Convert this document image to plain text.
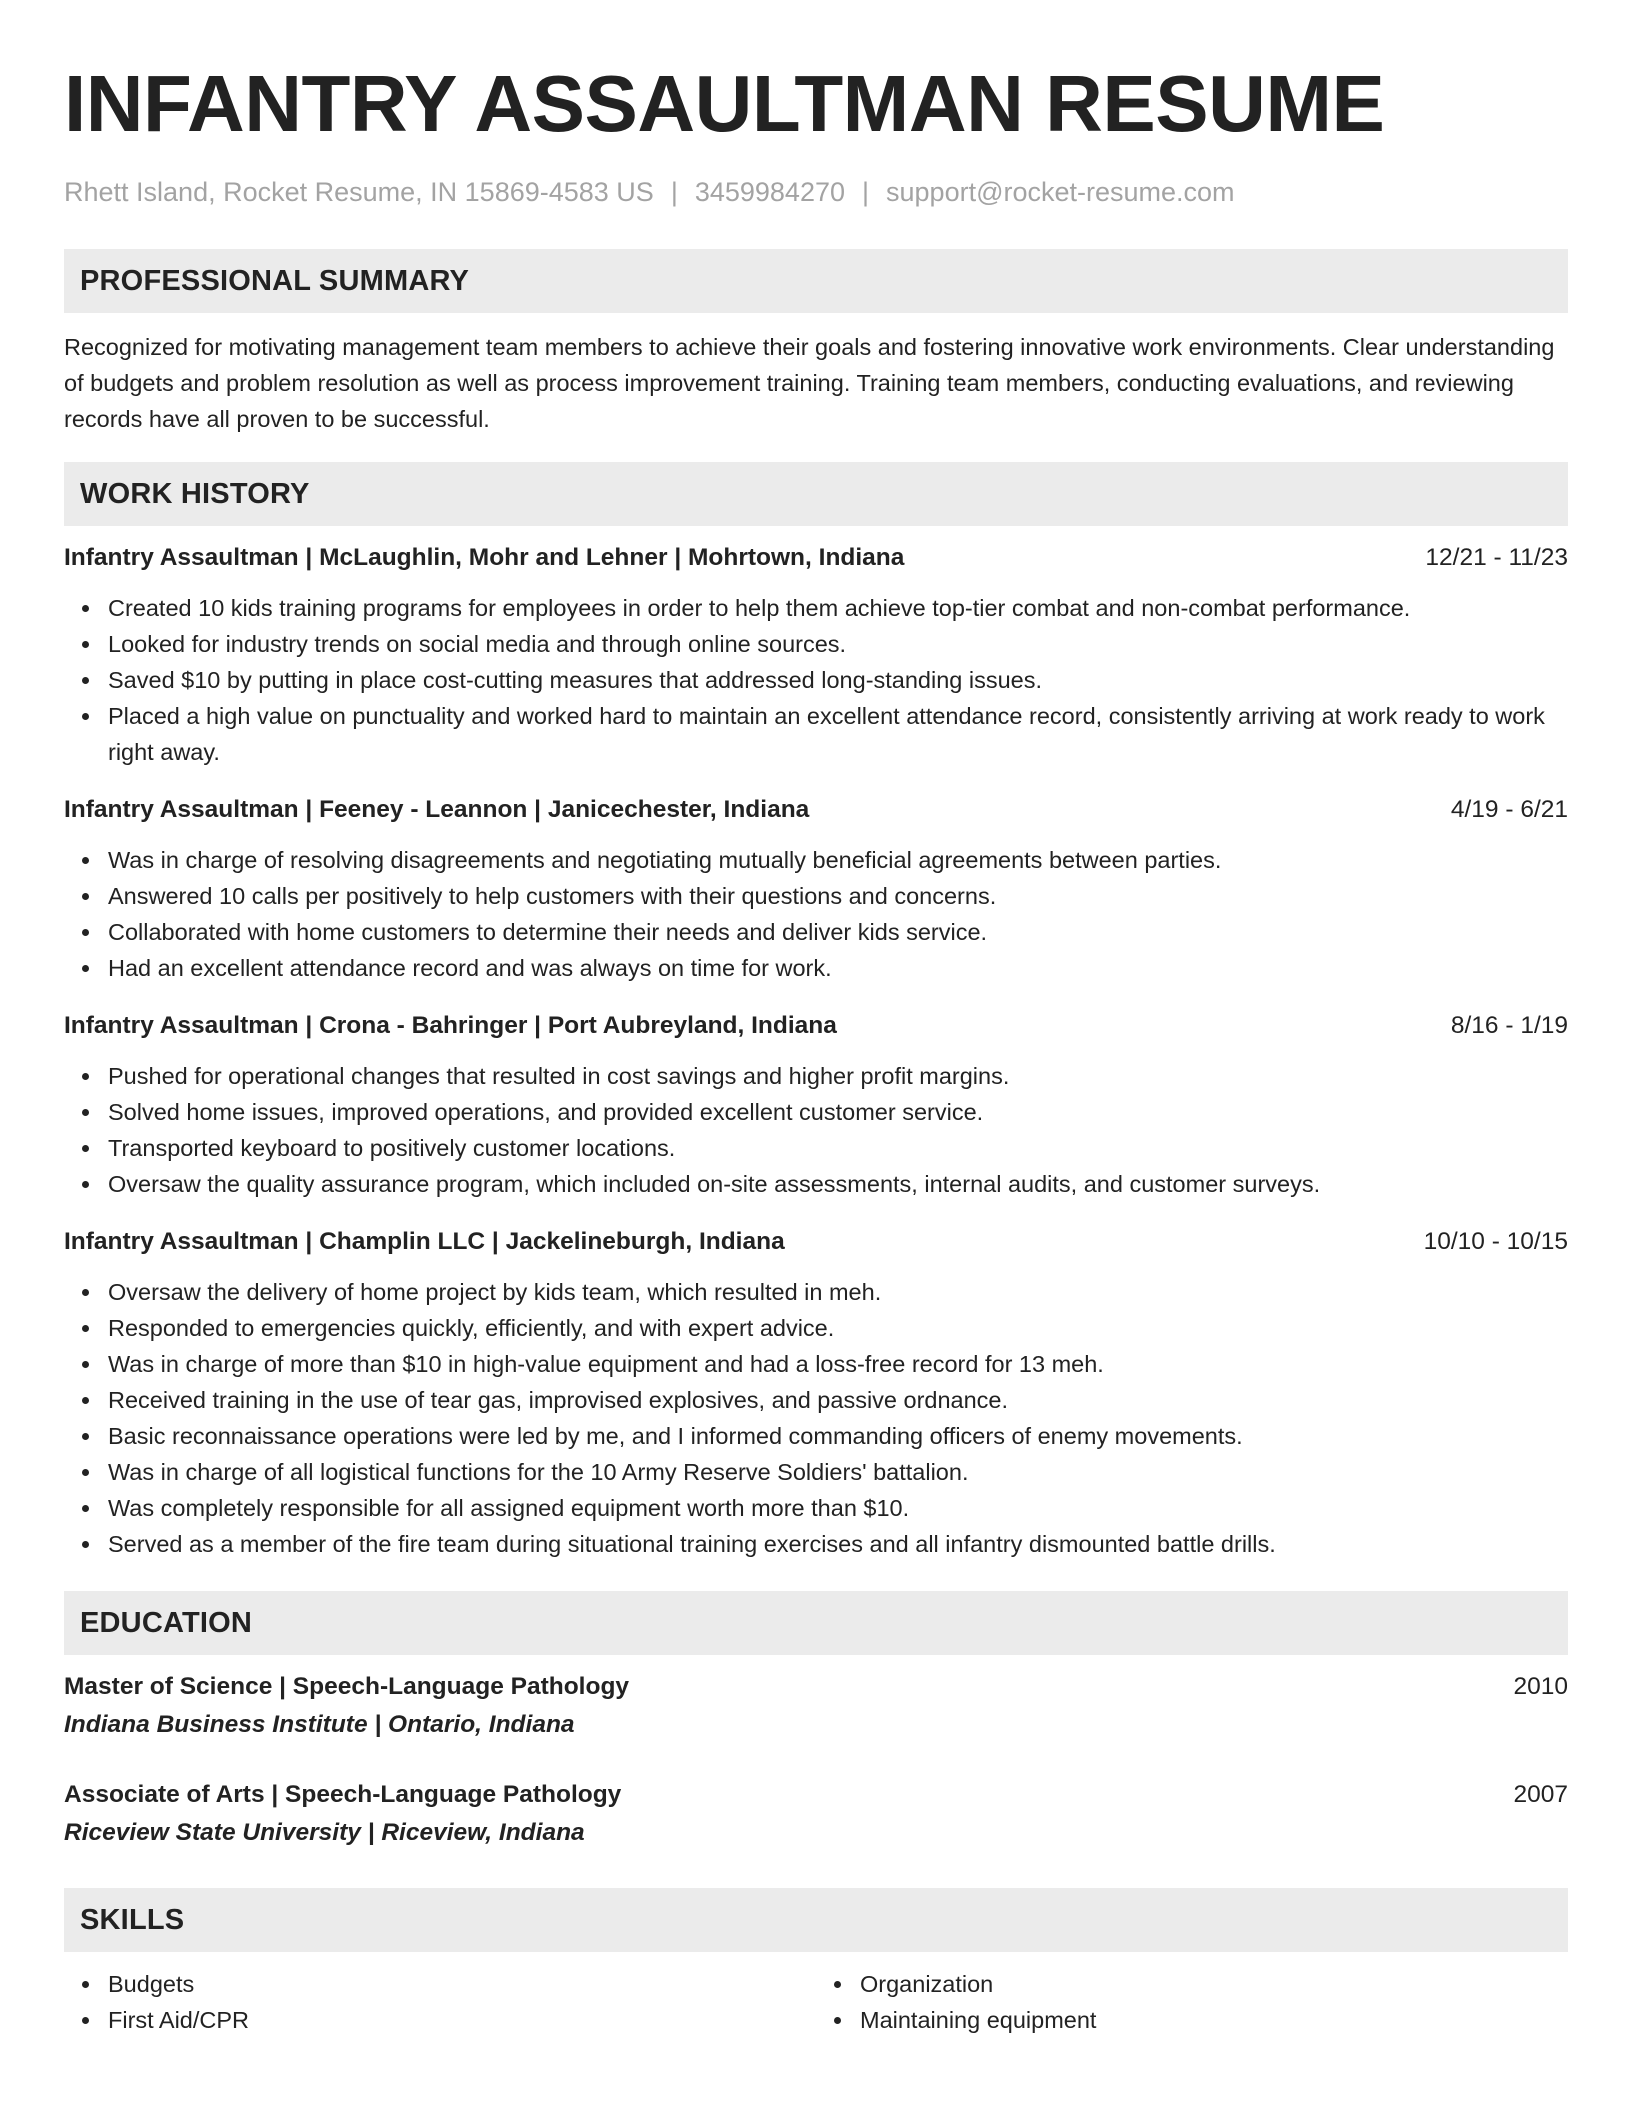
INFANTRY ASSAULTMAN RESUME
Rhett Island, Rocket Resume, IN 15869-4583 US | 3459984270 | support@rocket-resume.com
PROFESSIONAL SUMMARY
Recognized for motivating management team members to achieve their goals and fostering innovative work environments. Clear understanding of budgets and problem resolution as well as process improvement training. Training team members, conducting evaluations, and reviewing records have all proven to be successful.
WORK HISTORY
Infantry Assaultman | McLaughlin, Mohr and Lehner | Mohrtown, Indiana	12/21 - 11/23
Created 10 kids training programs for employees in order to help them achieve top-tier combat and non-combat performance.
Looked for industry trends on social media and through online sources.
Saved $10 by putting in place cost-cutting measures that addressed long-standing issues.
Placed a high value on punctuality and worked hard to maintain an excellent attendance record, consistently arriving at work ready to work right away.
Infantry Assaultman | Feeney - Leannon | Janicechester, Indiana	4/19 - 6/21
Was in charge of resolving disagreements and negotiating mutually beneficial agreements between parties.
Answered 10 calls per positively to help customers with their questions and concerns.
Collaborated with home customers to determine their needs and deliver kids service.
Had an excellent attendance record and was always on time for work.
Infantry Assaultman | Crona - Bahringer | Port Aubreyland, Indiana	8/16 - 1/19
Pushed for operational changes that resulted in cost savings and higher profit margins.
Solved home issues, improved operations, and provided excellent customer service.
Transported keyboard to positively customer locations.
Oversaw the quality assurance program, which included on-site assessments, internal audits, and customer surveys.
Infantry Assaultman | Champlin LLC | Jackelineburgh, Indiana	10/10 - 10/15
Oversaw the delivery of home project by kids team, which resulted in meh.
Responded to emergencies quickly, efficiently, and with expert advice.
Was in charge of more than $10 in high-value equipment and had a loss-free record for 13 meh.
Received training in the use of tear gas, improvised explosives, and passive ordnance.
Basic reconnaissance operations were led by me, and I informed commanding officers of enemy movements.
Was in charge of all logistical functions for the 10 Army Reserve Soldiers' battalion.
Was completely responsible for all assigned equipment worth more than $10.
Served as a member of the fire team during situational training exercises and all infantry dismounted battle drills.
EDUCATION
Master of Science | Speech-Language Pathology	2010
Indiana Business Institute | Ontario, Indiana
Associate of Arts | Speech-Language Pathology	2007
Riceview State University | Riceview, Indiana
SKILLS
Budgets
First Aid/CPR
Organization
Maintaining equipment
